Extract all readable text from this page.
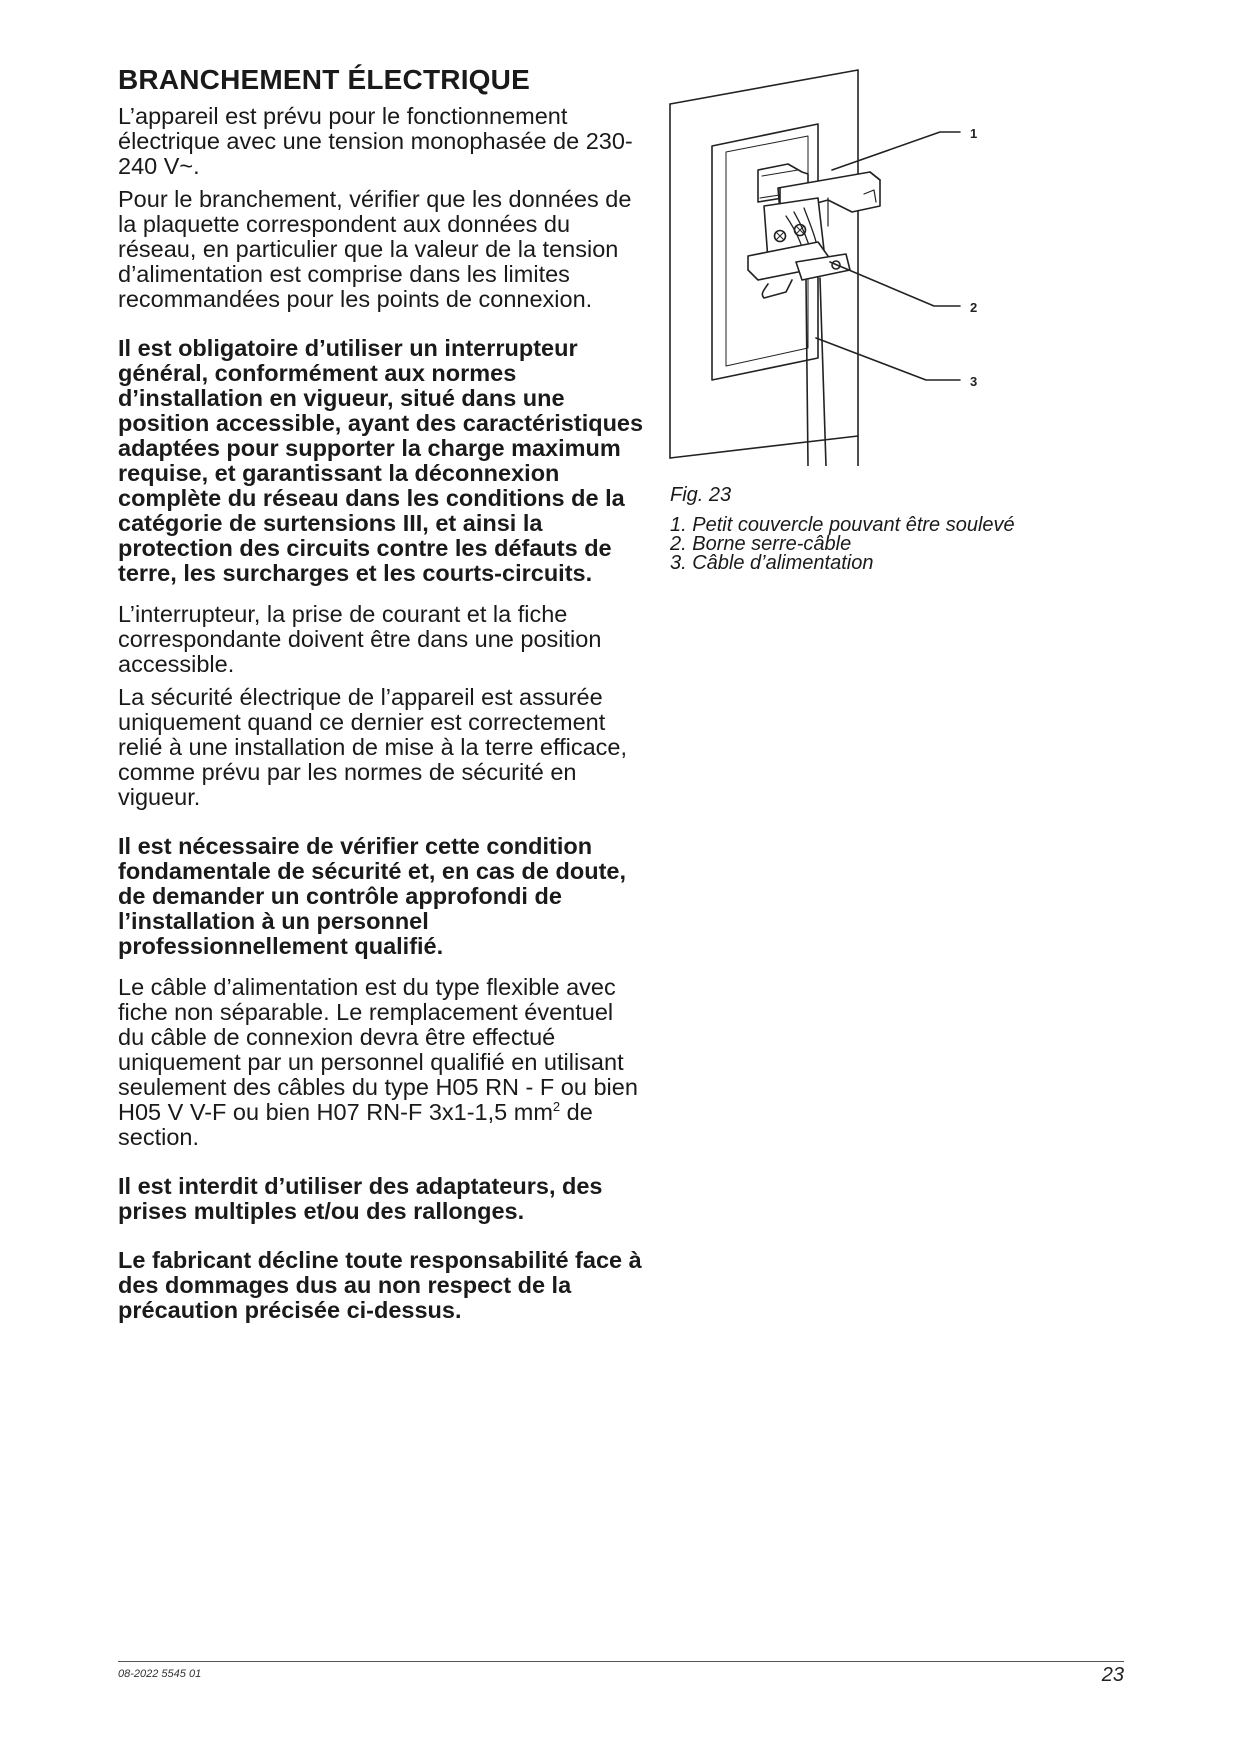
BRANCHEMENT ÉLECTRIQUE

L’appareil est prévu pour le fonctionnement électrique avec une tension monophasée de 230-240 V~.

Pour le branchement, vérifier que les données de la plaquette correspondent aux données du réseau, en particulier que la valeur de la tension d’alimentation est comprise dans les limites recommandées pour les points de connexion.

Il est obligatoire d’utiliser un interrupteur général, conformément aux normes d’installation en vigueur, situé dans une position accessible, ayant des caractéristiques adaptées pour supporter la charge maximum requise, et garantissant la déconnexion complète du réseau dans les conditions de la catégorie de surtensions III, et ainsi la protection des circuits contre les défauts de terre, les surcharges et les courts-circuits.

L’interrupteur, la prise de courant et la fiche correspondante doivent être dans une position accessible.

La sécurité électrique de l’appareil est assurée uniquement quand ce dernier est correctement relié à une installation de mise à la terre efficace, comme prévu par les normes de sécurité en vigueur.

Il est nécessaire de vérifier cette condition fondamentale de sécurité et, en cas de doute, de demander un contrôle approfondi de l’installation à un personnel professionnellement qualifié.

Le câble d’alimentation est du type flexible avec fiche non séparable. Le remplacement éventuel du câble de connexion devra être effectué uniquement par un personnel qualifié en utilisant seulement des câbles du type H05 RN - F ou bien H05 V V-F ou bien H07 RN-F 3x1-1,5 $mm^2$ de section.

Il est interdit d’utiliser des adaptateurs, des prises multiples et/ou des rallonges.

Le fabricant décline toute responsabilité face à des dommages dus au non respect de la précaution précisée ci-dessus.

1
2
3
Fig. 23
1. Petit couvercle pouvant être soulevé
2. Borne serre-câble
3. Câble d’alimentation
08-2022 5545 01	23
